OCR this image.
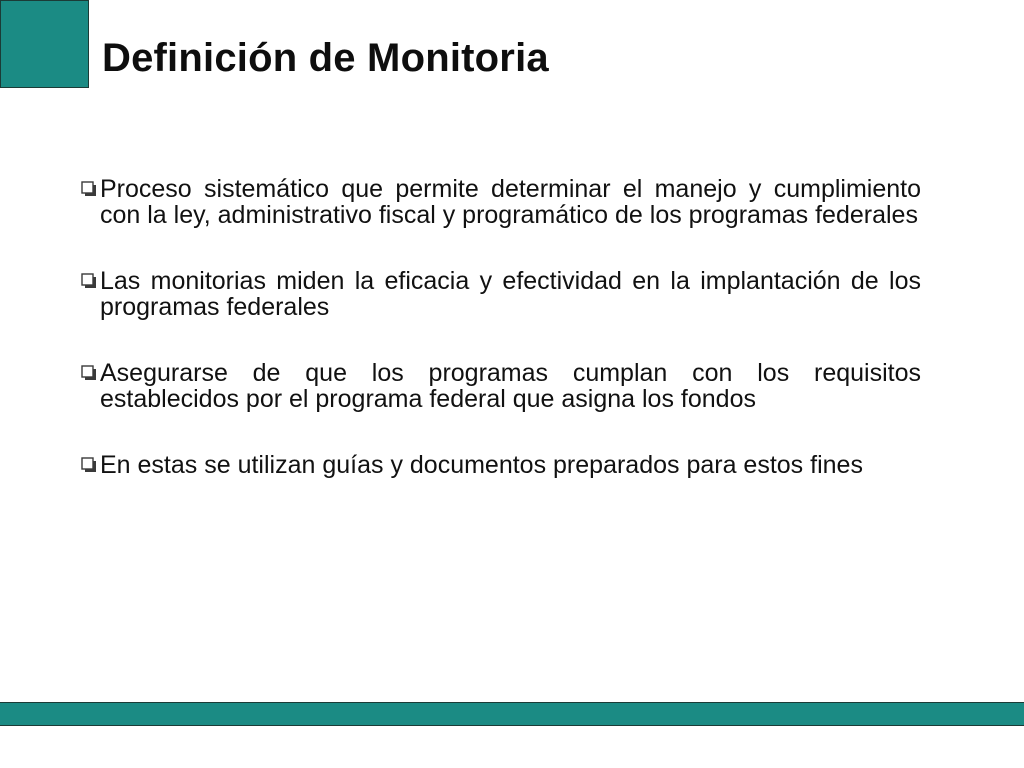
Definición de Monitoria
Proceso sistemático que permite determinar el manejo y cumplimiento con la ley, administrativo fiscal y programático de los programas federales
Las monitorias miden la eficacia y efectividad en la implantación de los programas federales
Asegurarse de que los programas cumplan con los requisitos establecidos por el programa federal que asigna los fondos
En estas se utilizan guías y documentos preparados para estos fines
